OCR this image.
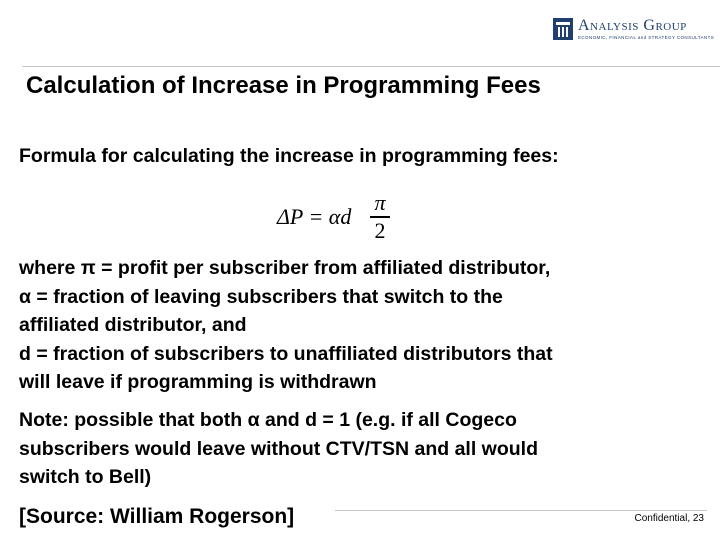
Analysis Group
ECONOMIC, FINANCIAL and STRATEGY CONSULTANTS
Calculation of Increase in Programming Fees
Formula for calculating the increase in programming fees:
ΔP = αd
π
2
where π = profit per subscriber from affiliated distributor,
α = fraction of leaving subscribers that switch to the
affiliated distributor, and
d = fraction of subscribers to unaffiliated distributors that
will leave if programming is withdrawn
Note: possible that both α and d = 1 (e.g. if all Cogeco
subscribers would leave without CTV/TSN and all would
switch to Bell)
[Source: William Rogerson]	Confidential, 23
